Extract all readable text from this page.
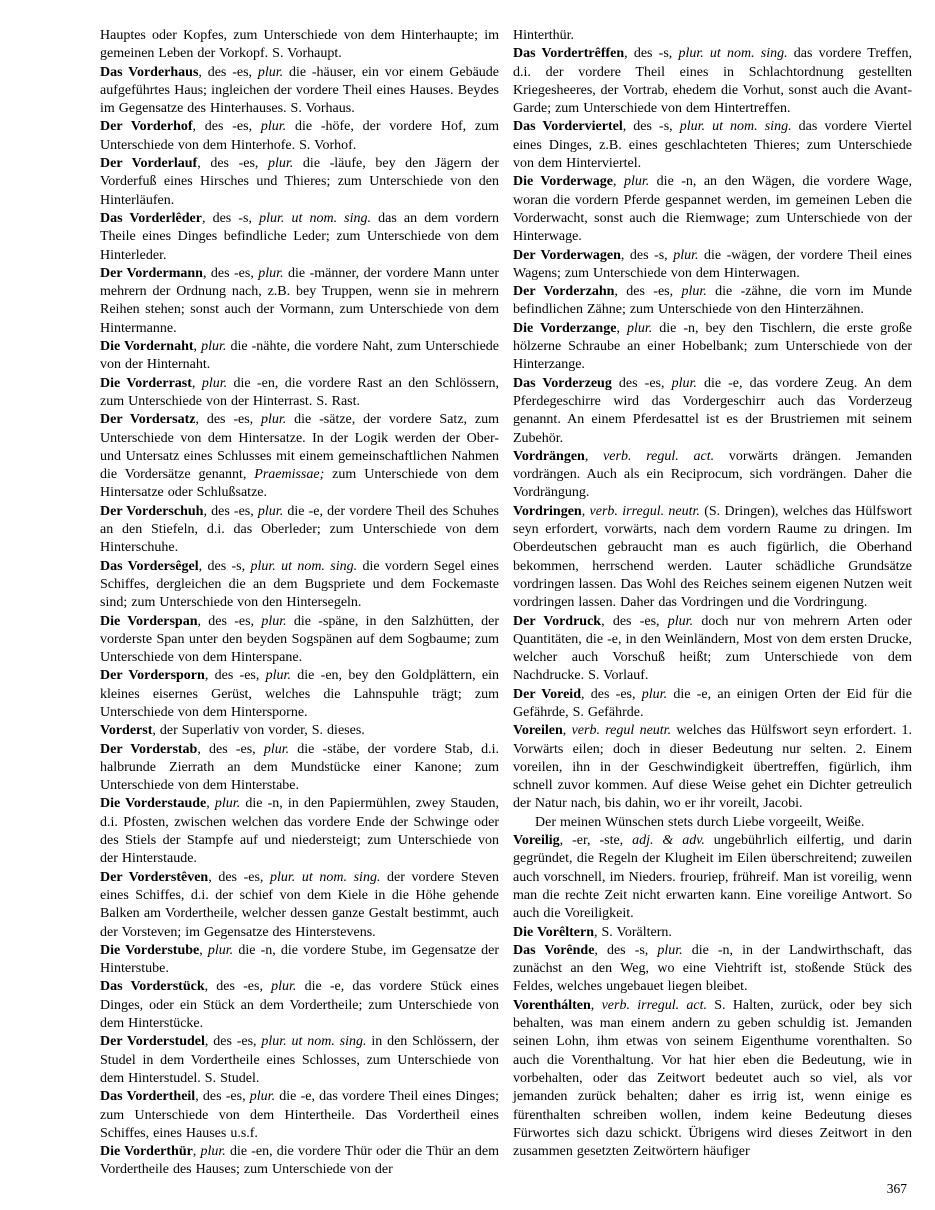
Hauptes oder Kopfes, zum Unterschiede von dem Hinterhaupte; im gemeinen Leben der Vorkopf. S. Vorhaupt.

Das Vorderhaus, des -es, plur. die -häuser, ein vor einem Gebäude aufgeführtes Haus; ingleichen der vordere Theil eines Hauses. Beydes im Gegensatze des Hinterhauses. S. Vorhaus.

Der Vorderhof, des -es, plur. die -höfe, der vordere Hof, zum Unterschiede von dem Hinterhofe. S. Vorhof.

Der Vorderlauf, des -es, plur. die -läufe, bey den Jägern der Vorderfuß eines Hirsches und Thieres; zum Unterschiede von den Hinterläufen.

Das Vorderlêder, des -s, plur. ut nom. sing. das an dem vordern Theile eines Dinges befindliche Leder; zum Unterschiede von dem Hinterleder.

Der Vordermann, des -es, plur. die -männer, der vordere Mann unter mehrern der Ordnung nach, z.B. bey Truppen, wenn sie in mehrern Reihen stehen; sonst auch der Vormann, zum Unterschiede von dem Hintermanne.

Die Vordernaht, plur. die -nähte, die vordere Naht, zum Unterschiede von der Hinternaht.

Die Vorderrast, plur. die -en, die vordere Rast an den Schlössern, zum Unterschiede von der Hinterrast. S. Rast.

Der Vordersatz, des -es, plur. die -sätze, der vordere Satz, zum Unterschiede von dem Hintersatze. In der Logik werden der Ober- und Untersatz eines Schlusses mit einem gemeinschaftlichen Nahmen die Vordersätze genannt, Praemissae; zum Unterschiede von dem Hintersatze oder Schlußsatze.

Der Vorderschuh, des -es, plur. die -e, der vordere Theil des Schuhes an den Stiefeln, d.i. das Oberleder; zum Unterschiede von dem Hinterschuhe.

Das Vordersêgel, des -s, plur. ut nom. sing. die vordern Segel eines Schiffes, dergleichen die an dem Bugspriete und dem Fockemaste sind; zum Unterschiede von den Hintersegeln.

Die Vorderspan, des -es, plur. die -späne, in den Salzhütten, der vorderste Span unter den beyden Sogspänen auf dem Sogbaume; zum Unterschiede von dem Hinterspane.

Der Vordersporn, des -es, plur. die -en, bey den Goldplättern, ein kleines eisernes Gerüst, welches die Lahnspuhle trägt; zum Unterschiede von dem Hintersporne.

Vorderst, der Superlativ von vorder, S. dieses.

Der Vorderstab, des -es, plur. die -stäbe, der vordere Stab, d.i. halbrunde Zierrath an dem Mundstücke einer Kanone; zum Unterschiede von dem Hinterstabe.

Die Vorderstaude, plur. die -n, in den Papiermühlen, zwey Stauden, d.i. Pfosten, zwischen welchen das vordere Ende der Schwinge oder des Stiels der Stampfe auf und niedersteigt; zum Unterschiede von der Hinterstaude.

Der Vorderstêven, des -es, plur. ut nom. sing. der vordere Steven eines Schiffes, d.i. der schief von dem Kiele in die Höhe gehende Balken am Vordertheile, welcher dessen ganze Gestalt bestimmt, auch der Vorsteven; im Gegensatze des Hinterstevens.

Die Vorderstube, plur. die -n, die vordere Stube, im Gegensatze der Hinterstube.

Das Vorderstück, des -es, plur. die -e, das vordere Stück eines Dinges, oder ein Stück an dem Vordertheile; zum Unterschiede von dem Hinterstücke.

Der Vorderstudel, des -es, plur. ut nom. sing. in den Schlössern, der Studel in dem Vordertheile eines Schlosses, zum Unterschiede von dem Hinterstudel. S. Studel.

Das Vordertheil, des -es, plur. die -e, das vordere Theil eines Dinges; zum Unterschiede von dem Hintertheile. Das Vordertheil eines Schiffes, eines Hauses u.s.f.

Die Vorderthür, plur. die -en, die vordere Thür oder die Thür an dem Vordertheile des Hauses; zum Unterschiede von der

Hinterthür.

Das Vordertrêffen, des -s, plur. ut nom. sing. das vordere Treffen, d.i. der vordere Theil eines in Schlachtordnung gestellten Kriegesheeres, der Vortrab, ehedem die Vorhut, sonst auch die Avant-Garde; zum Unterschiede von dem Hintertreffen.

Das Vorderviertel, des -s, plur. ut nom. sing. das vordere Viertel eines Dinges, z.B. eines geschlachteten Thieres; zum Unterschiede von dem Hinterviertel.

Die Vorderwage, plur. die -n, an den Wägen, die vordere Wage, woran die vordern Pferde gespannet werden, im gemeinen Leben die Vorderwacht, sonst auch die Riemwage; zum Unterschiede von der Hinterwage.

Der Vorderwagen, des -s, plur. die -wägen, der vordere Theil eines Wagens; zum Unterschiede von dem Hinterwagen.

Der Vorderzahn, des -es, plur. die -zähne, die vorn im Munde befindlichen Zähne; zum Unterschiede von den Hinterzähnen.

Die Vorderzange, plur. die -n, bey den Tischlern, die erste große hölzerne Schraube an einer Hobelbank; zum Unterschiede von der Hinterzange.

Das Vorderzeug des -es, plur. die -e, das vordere Zeug. An dem Pferdegeschirre wird das Vordergeschirr auch das Vorderzeug genannt. An einem Pferdesattel ist es der Brustriemen mit seinem Zubehör.

Vordrängen, verb. regul. act. vorwärts drängen. Jemanden vordrängen. Auch als ein Reciprocum, sich vordrängen. Daher die Vordrängung.

Vordringen, verb. irregul. neutr. (S. Dringen), welches das Hülfswort seyn erfordert, vorwärts, nach dem vordern Raume zu dringen. Im Oberdeutschen gebraucht man es auch figürlich, die Oberhand bekommen, herrschend werden. Lauter schädliche Grundsätze vordringen lassen. Das Wohl des Reiches seinem eigenen Nutzen weit vordringen lassen. Daher das Vordringen und die Vordringung.

Der Vordruck, des -es, plur. doch nur von mehrern Arten oder Quantitäten, die -e, in den Weinländern, Most von dem ersten Drucke, welcher auch Vorschuß heißt; zum Unterschiede von dem Nachdrucke. S. Vorlauf.

Der Voreid, des -es, plur. die -e, an einigen Orten der Eid für die Gefährde, S. Gefährde.

Voreilen, verb. regul neutr. welches das Hülfswort seyn erfordert. 1. Vorwärts eilen; doch in dieser Bedeutung nur selten. 2. Einem voreilen, ihn in der Geschwindigkeit übertreffen, figürlich, ihm schnell zuvor kommen. Auf diese Weise gehet ein Dichter getreulich der Natur nach, bis dahin, wo er ihr voreilt, Jacobi.

Der meinen Wünschen stets durch Liebe vorgeeilt, Weiße.

Voreilig, -er, -ste, adj. & adv. ungebührlich eilfertig, und darin gegründet, die Regeln der Klugheit im Eilen überschreitend; zuweilen auch vorschnell, im Nieders. frouriep, frühreif. Man ist voreilig, wenn man die rechte Zeit nicht erwarten kann. Eine voreilige Antwort. So auch die Voreiligkeit.

Die Vorêltern, S. Vorältern.

Das Vorênde, des -s, plur. die -n, in der Landwirthschaft, das zunächst an den Weg, wo eine Viehtrift ist, stoßende Stück des Feldes, welches ungebauet liegen bleibet.

Vorenthálten, verb. irregul. act. S. Halten, zurück, oder bey sich behalten, was man einem andern zu geben schuldig ist. Jemanden seinen Lohn, ihm etwas von seinem Eigenthume vorenthalten. So auch die Vorenthaltung. Vor hat hier eben die Bedeutung, wie in vorbehalten, oder das Zeitwort bedeutet auch so viel, als vor jemanden zurück behalten; daher es irrig ist, wenn einige es fürenthalten schreiben wollen, indem keine Bedeutung dieses Fürwortes sich dazu schickt. Übrigens wird dieses Zeitwort in den zusammen gesetzten Zeitwörtern häufiger

367
